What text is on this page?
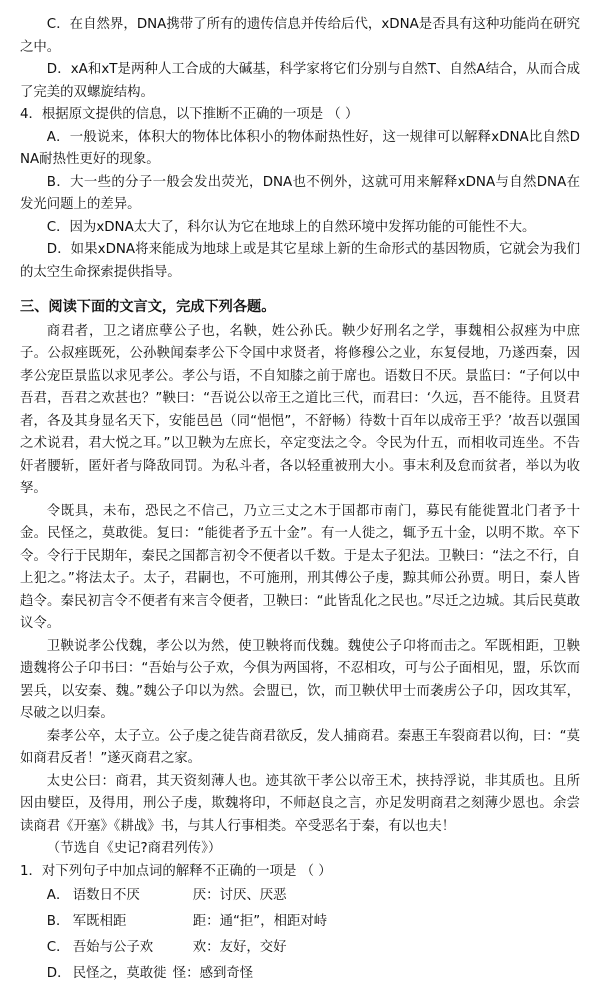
C．在自然界，DNA携带了所有的遗传信息并传给后代，xDNA是否具有这种功能尚在研究之中。

D．xA和xT是两种人工合成的大碱基，科学家将它们分别与自然T、自然A结合，从而合成了完美的双螺旋结构。

4．根据原文提供的信息，以下推断不正确的一项是 （ ）

A．一般说来，体积大的物体比体积小的物体耐热性好，这一规律可以解释xDNA比自然DNA耐热性更好的现象。

B．大一些的分子一般会发出荧光，DNA也不例外，这就可用来解释xDNA与自然DNA在发光问题上的差异。

C．因为xDNA太大了，科尔认为它在地球上的自然环境中发挥功能的可能性不大。

D．如果xDNA将来能成为地球上或是其它星球上新的生命形式的基因物质，它就会为我们的太空生命探索提供指导。

三、阅读下面的文言文，完成下列各题。

商君者，卫之诸庶孽公子也，名鞅，姓公孙氏。鞅少好刑名之学，事魏相公叔痤为中庶子。公叔痤既死，公孙鞅闻秦孝公下令国中求贤者，将修穆公之业，东复侵地，乃遂西秦，因孝公宠臣景监以求见孝公。孝公与语，不自知膝之前于席也。语数日不厌。景监曰：“子何以中吾君，吾君之欢甚也？”鞅曰：“吾说公以帝王之道比三代，而君曰：‘久远，吾不能待。且贤君者，各及其身显名天下，安能邑邑（同“悒悒”，不舒畅）待数十百年以成帝王乎？’故吾以强国之术说君，君大悦之耳。”以卫鞅为左庶长，卒定变法之令。令民为什五，而相收司连坐。不告奸者腰斩，匿奸者与降敌同罚。为私斗者，各以轻重被刑大小。事末利及怠而贫者，举以为收孥。

令既具，未布，恐民之不信己，乃立三丈之木于国都市南门，募民有能徙置北门者予十金。民怪之，莫敢徙。复曰：“能徙者予五十金”。有一人徙之，辄予五十金，以明不欺。卒下令。令行于民期年，秦民之国都言初令不便者以千数。于是太子犯法。卫鞅曰：“法之不行，自上犯之。”将法太子。太子，君嗣也，不可施刑，刑其傅公子虔，黥其师公孙贾。明日，秦人皆趋令。秦民初言令不便者有来言令便者，卫鞅曰：“此皆乱化之民也。”尽迁之边城。其后民莫敢议令。

卫鞅说孝公伐魏，孝公以为然，使卫鞅将而伐魏。魏使公子卬将而击之。军既相距，卫鞅遗魏将公子卬书曰：“吾始与公子欢，今俱为两国将，不忍相攻，可与公子面相见，盟，乐饮而罢兵，以安秦、魏。”魏公子卬以为然。会盟已，饮，而卫鞅伏甲士而袭虏公子卬，因攻其军，尽破之以归秦。

秦孝公卒，太子立。公子虔之徒告商君欲反，发人捕商君。秦惠王车裂商君以徇，曰：“莫如商君反者！”遂灭商君之家。

太史公曰：商君，其天资刻薄人也。迹其欲干孝公以帝王术，挟持浮说，非其质也。且所因由嬖臣，及得用，刑公子虔，欺魏将印，不师赵良之言，亦足发明商君之刻薄少恩也。余尝读商君《开塞》《耕战》书，与其人行事相类。卒受恶名于秦，有以也夫！

（节选自《史记?商君列传》）

1．对下列句子中加点词的解释不正确的一项是 （ ）

A． 语数日不厌	厌：讨厌、厌恶
B． 军既相距	距：通“拒”，相距对峙
C． 吾始与公子欢	欢：友好，交好
D． 民怪之，莫敢徙 怪：感到奇怪
